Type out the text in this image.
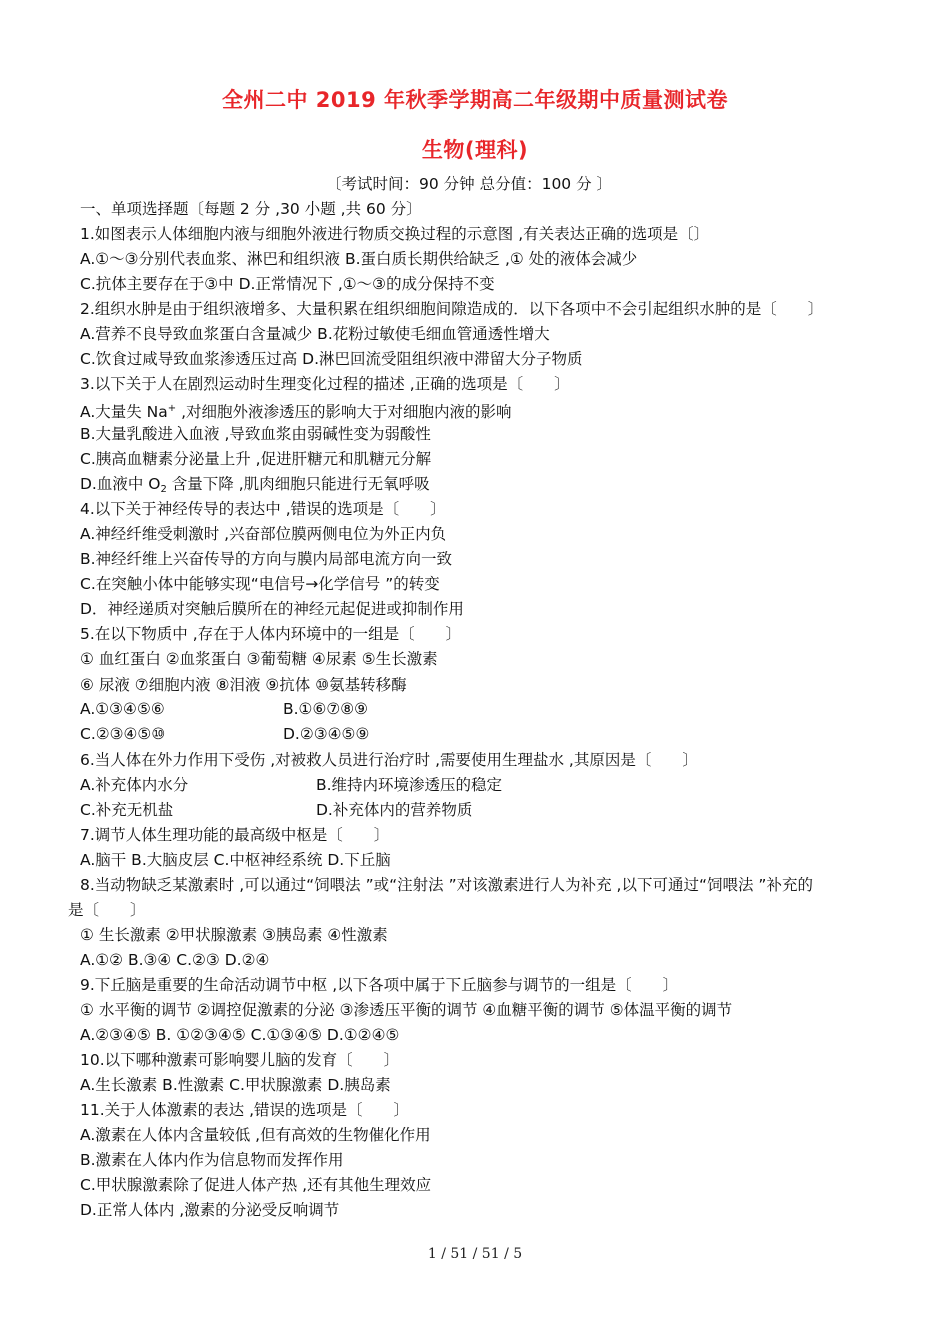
全州二中 2019 年秋季学期高二年级期中质量测试卷
生物(理科)
〔考试时间：90 分钟 总分值：100 分 〕
一、单项选择题〔每题 2 分 ,30 小题 ,共 60 分〕
1.如图表示人体细胞内液与细胞外液进行物质交换过程的示意图 ,有关表达正确的选项是〔〕
A.①～③分别代表血浆、淋巴和组织液 B.蛋白质长期供给缺乏 ,① 处的液体会减少
C.抗体主要存在于③中 D.正常情况下 ,①～③的成分保持不变
2.组织水肿是由于组织液增多、大量积累在组织细胞间隙造成的．以下各项中不会引起组织水肿的是〔　　〕
A.营养不良导致血浆蛋白含量减少 B.花粉过敏使毛细血管通透性增大
C.饮食过咸导致血浆渗透压过高 D.淋巴回流受阻组织液中滞留大分子物质
3.以下关于人在剧烈运动时生理变化过程的描述 ,正确的选项是〔　　〕
A.大量失 Na+ ,对细胞外液渗透压的影响大于对细胞内液的影响
B.大量乳酸进入血液 ,导致血浆由弱碱性变为弱酸性
C.胰高血糖素分泌量上升 ,促进肝糖元和肌糖元分解
D.血液中 $O_2$ 含量下降 ,肌肉细胞只能进行无氧呼吸
4.以下关于神经传导的表达中 ,错误的选项是〔　　〕
A.神经纤维受刺激时 ,兴奋部位膜两侧电位为外正内负
B.神经纤维上兴奋传导的方向与膜内局部电流方向一致
C.在突触小体中能够实现“电信号→化学信号 ”的转变
D．神经递质对突触后膜所在的神经元起促进或抑制作用
5.在以下物质中 ,存在于人体内环境中的一组是〔　　〕
① 血红蛋白 ②血浆蛋白 ③葡萄糖 ④尿素 ⑤生长激素
⑥ 尿液 ⑦细胞内液 ⑧泪液 ⑨抗体 ⑩氨基转移酶
A.①③④⑤⑥	B.①⑥⑦⑧⑨
C.②③④⑤⑩	D.②③④⑤⑨
6.当人体在外力作用下受伤 ,对被救人员进行治疗时 ,需要使用生理盐水 ,其原因是〔　　〕
A.补充体内水分	B.维持内环境渗透压的稳定
C.补充无机盐	D.补充体内的营养物质
7.调节人体生理功能的最高级中枢是〔　　〕
A.脑干 B.大脑皮层 C.中枢神经系统 D.下丘脑
8.当动物缺乏某激素时 ,可以通过“饲喂法 ”或“注射法 ”对该激素进行人为补充 ,以下可通过“饲喂法 ”补充的
是〔　　〕
① 生长激素 ②甲状腺激素 ③胰岛素 ④性激素
A.①② B.③④ C.②③ D.②④
9.下丘脑是重要的生命活动调节中枢 ,以下各项中属于下丘脑参与调节的一组是〔　　〕
① 水平衡的调节 ②调控促激素的分泌 ③渗透压平衡的调节 ④血糖平衡的调节 ⑤体温平衡的调节
A.②③④⑤ B. ①②③④⑤ C.①③④⑤ D.①②④⑤
10.以下哪种激素可影响婴儿脑的发育〔　　〕
A.生长激素 B.性激素 C.甲状腺激素 D.胰岛素
11.关于人体激素的表达 ,错误的选项是〔　　〕
A.激素在人体内含量较低 ,但有高效的生物催化作用
B.激素在人体内作为信息物而发挥作用
C.甲状腺激素除了促进人体产热 ,还有其他生理效应
D.正常人体内 ,激素的分泌受反响调节
1 / 51 / 51 / 5
